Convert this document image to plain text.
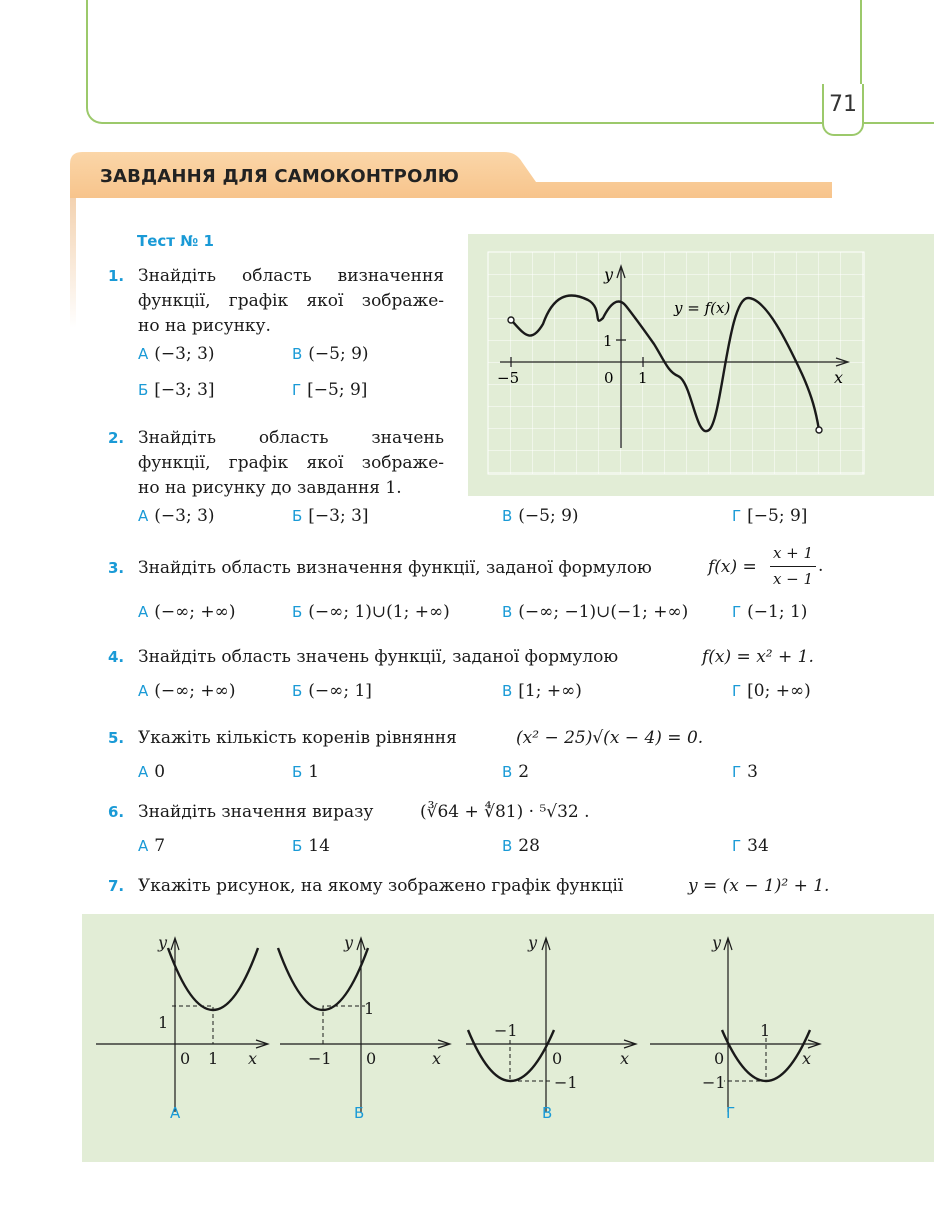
71
ЗАВДАННЯ ДЛЯ САМОКОНТРОЛЮ
Тест № 1
1. Знайдіть область визначення
функції, графік якої зображе-
но на рисунку.
А (−3; 3)	В (−5; 9)
Б [−3; 3]	Г [−5; 9]
y
x
y = f(x)
−5	0 1
1
2. Знайдіть область значень
функції, графік якої зображе-
но на рисунку до завдання 1.
А (−3; 3)	Б [−3; 3]	В (−5; 9)	Г [−5; 9]
3. Знайдіть область визначення функції, заданої формулою	f(x) =
x + 1
x − 1
.
А (−∞; +∞)	Б (−∞; 1)∪(1; +∞)	В (−∞; −1)∪(−1; +∞)	Г (−1; 1)
4. Знайдіть область значень функції, заданої формулою	f(x) = x² + 1.
А (−∞; +∞)	Б (−∞; 1]	В [1; +∞)	Г [0; +∞)
5. Укажіть кількість коренів рівняння	(x² − 25)√(x − 4) = 0.
А 0	Б 1	В 2	Г 3
6. Знайдіть значення виразу	(∛64 + ∜81) · ⁵√32 .
А 7	Б 14	В 28	Г 34
7. Укажіть рисунок, на якому зображено графік функції	y = (x − 1)² + 1.
y
x
1
0 1
y
x
1
−1 0
y
x
−1
0
−1
y
x
1
0
−1
А	Б	В	Г
